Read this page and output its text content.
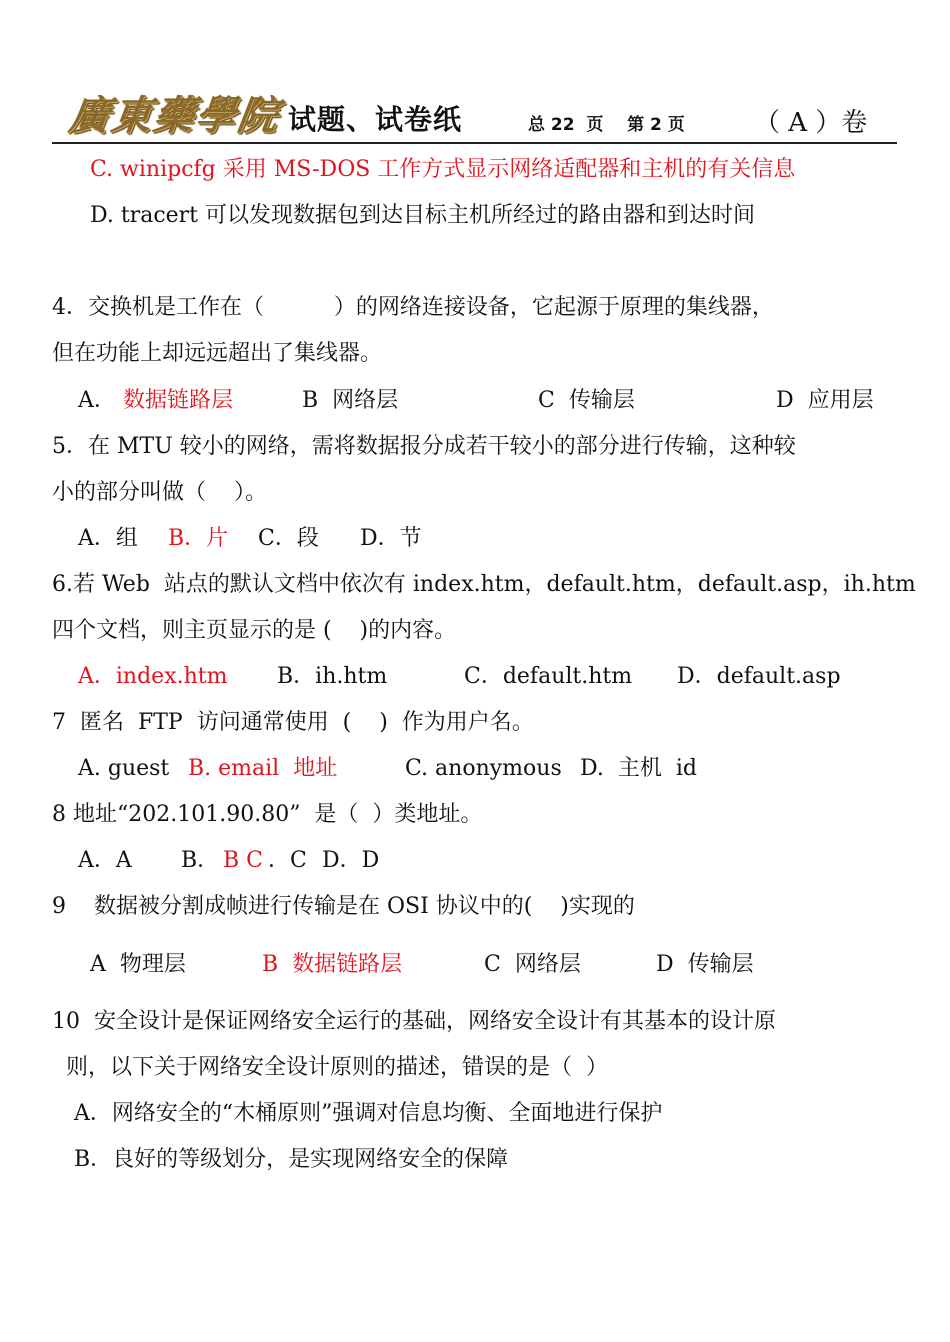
廣東藥學院 试题、试卷纸	总 22  页    第 2 页	（ A ）卷
C. winipcfg 采用 MS-DOS 工作方式显示网络适配器和主机的有关信息
D. tracert 可以发现数据包到达目标主机所经过的路由器和到达时间
4．交换机是工作在（          ）的网络连接设备，它起源于原理的集线器，
但在功能上却远远超出了集线器。
A． 数据链路层	B  网络层	C  传输层	D  应用层
5．在 MTU 较小的网络，需将数据报分成若干较小的部分进行传输，这种较
小的部分叫做（    ）。
A．组 B．片 C．段 D．节
6.若 Web  站点的默认文档中依次有 index.htm，default.htm，default.asp，ih.htm
四个文档，则主页显示的是 (    )的内容。
A．index.htm B．ih.htm	C．default.htm D．default.asp
7  匿名  FTP  访问通常使用  (    )  作为用户名。
A. guest B. email  地址	C. anonymous D.  主机  id
8 地址“202.101.90.80”  是（  ）类地址。
A．A B． B C ．C D．D
9    数据被分割成帧进行传输是在 OSI 协议中的(    )实现的
A  物理层	B  数据链路层	C  网络层	D  传输层
10  安全设计是保证网络安全运行的基础，网络安全设计有其基本的设计原
则，以下关于网络安全设计原则的描述，错误的是（  ）
A．网络安全的“木桶原则”强调对信息均衡、全面地进行保护
B．良好的等级划分，是实现网络安全的保障
